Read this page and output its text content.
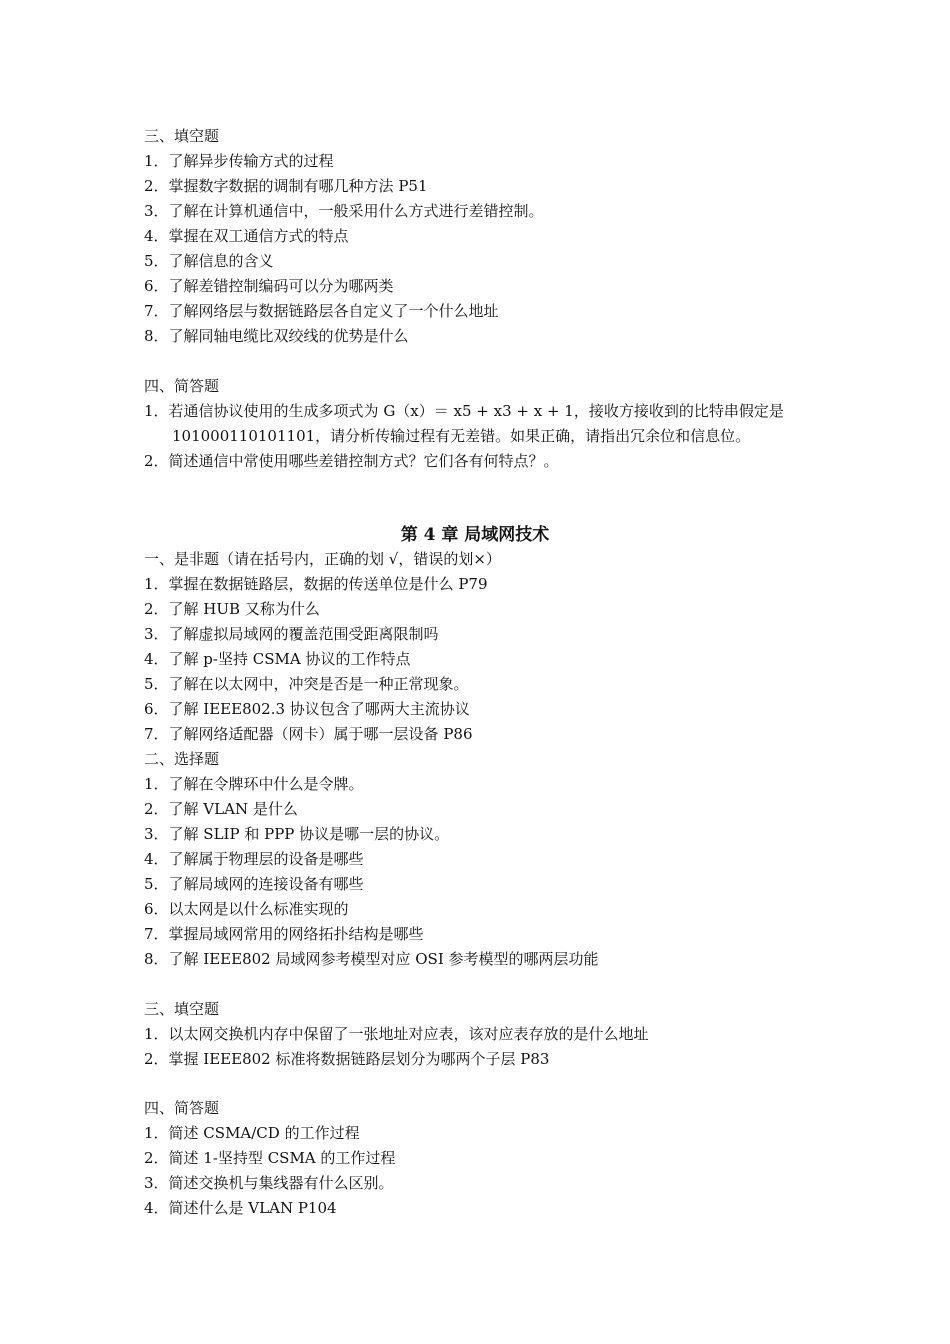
三、填空题
1．了解异步传输方式的过程
2．掌握数字数据的调制有哪几种方法 P51
3．了解在计算机通信中，一般采用什么方式进行差错控制。
4．掌握在双工通信方式的特点
5．了解信息的含义
6．了解差错控制编码可以分为哪两类
7．了解网络层与数据链路层各自定义了一个什么地址
8．了解同轴电缆比双绞线的优势是什么
四、简答题
1．若通信协议使用的生成多项式为 G（x）＝ x5 + x3 + x + 1，接收方接收到的比特串假定是
101000110101101，请分析传输过程有无差错。如果正确，请指出冗余位和信息位。
2．简述通信中常使用哪些差错控制方式？它们各有何特点？。
第 4 章 局域网技术
一、是非题（请在括号内，正确的划 √，错误的划×）
1．掌握在数据链路层，数据的传送单位是什么 P79
2．了解 HUB 又称为什么
3．了解虚拟局域网的覆盖范围受距离限制吗
4．了解 p-坚持 CSMA 协议的工作特点
5．了解在以太网中，冲突是否是一种正常现象。
6．了解 IEEE802.3 协议包含了哪两大主流协议
7．了解网络适配器（网卡）属于哪一层设备 P86
二、选择题
1．了解在令牌环中什么是令牌。
2．了解 VLAN 是什么
3．了解 SLIP 和 PPP 协议是哪一层的协议。
4．了解属于物理层的设备是哪些
5．了解局域网的连接设备有哪些
6．以太网是以什么标准实现的
7．掌握局域网常用的网络拓扑结构是哪些
8．了解 IEEE802 局域网参考模型对应 OSI 参考模型的哪两层功能
三、填空题
1．以太网交换机内存中保留了一张地址对应表，该对应表存放的是什么地址
2．掌握 IEEE802 标准将数据链路层划分为哪两个子层 P83
四、简答题
1．简述 CSMA/CD 的工作过程
2．简述 1-坚持型 CSMA 的工作过程
3．简述交换机与集线器有什么区别。
4．简述什么是 VLAN P104
